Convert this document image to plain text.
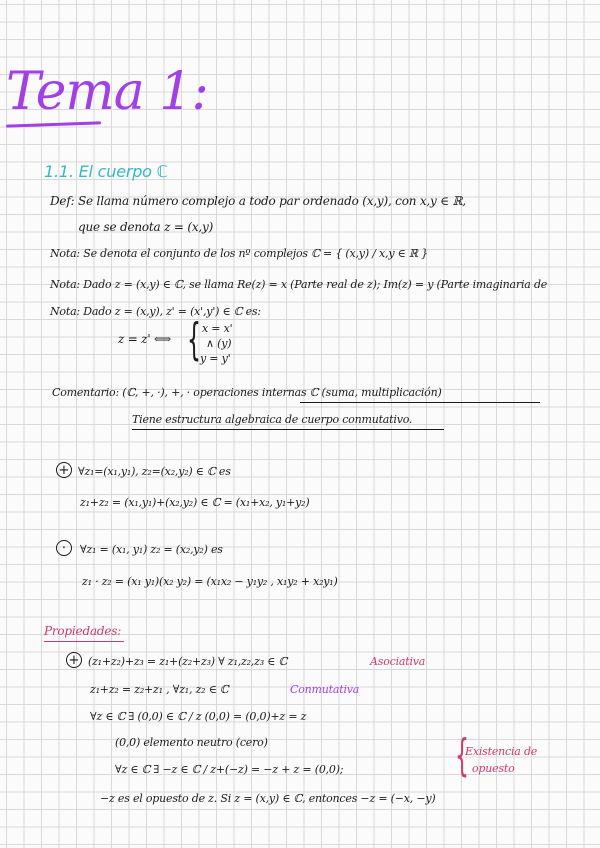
Tema 1:
1.1. El cuerpo ℂ
Def: Se llama número complejo a todo par ordenado (x,y), con x,y ∈ ℝ,
que se denota z = (x,y)
Nota: Se denota el conjunto de los nº complejos ℂ = { (x,y) / x,y ∈ ℝ }
Nota: Dado z = (x,y) ∈ ℂ, se llama Re(z) = x (Parte real de z); Im(z) = y (Parte imaginaria de
Nota: Dado z = (x,y), z' = (x',y') ∈ ℂ es:
z = z' ⟺ { x = x'
∧ (y)
y = y'
Comentario: (ℂ, +, ·), +, · operaciones internas ℂ (suma, multiplicación)
Tiene estructura algebraica de cuerpo conmutativo.
+ ∀z₁=(x₁,y₁), z₂=(x₂,y₂) ∈ ℂ es
z₁+z₂ = (x₁,y₁)+(x₂,y₂) ∈ ℂ = (x₁+x₂, y₁+y₂)
·	∀z₁ = (x₁, y₁) z₂ = (x₂,y₂) es
z₁ · z₂ = (x₁ y₁)(x₂ y₂) = (x₁x₂ − y₁y₂ , x₁y₂ + x₂y₁)
Propiedades:
+ (z₁+z₂)+z₃ = z₁+(z₂+z₃) ∀ z₁,z₂,z₃ ∈ ℂ	Asociativa
z₁+z₂ = z₂+z₁ , ∀z₁, z₂ ∈ ℂ	Conmutativa
∀z ∈ ℂ ∃ (0,0) ∈ ℂ / z (0,0) = (0,0)+z = z
(0,0) elemento neutro (cero)
∀z ∈ ℂ ∃ −z ∈ ℂ / z+(−z) = −z + z = (0,0);
−z es el opuesto de z. Si z = (x,y) ∈ ℂ, entonces −z = (−x, −y)
{
Existencia de
opuesto
